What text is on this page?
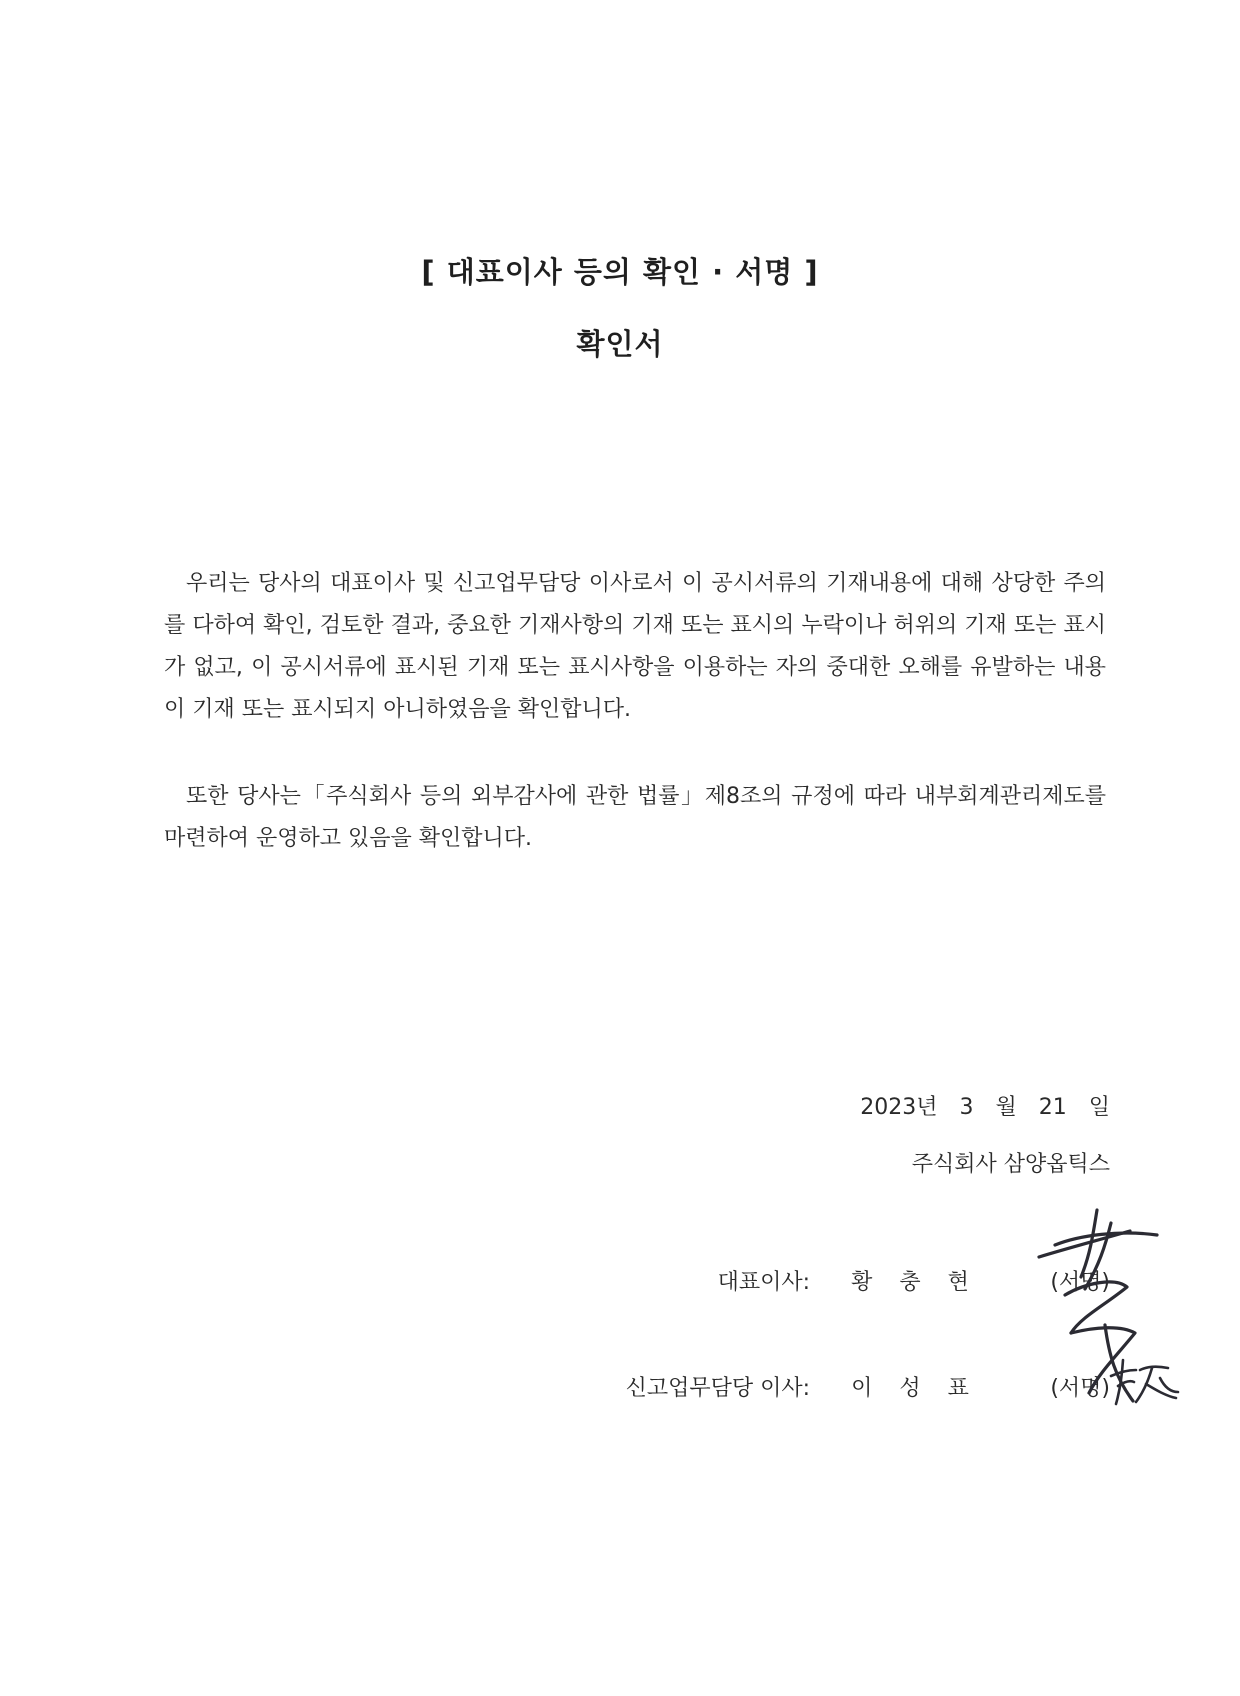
[ 대표이사 등의 확인 · 서명 ]
확인서

우리는 당사의 대표이사 및 신고업무담당 이사로서 이 공시서류의 기재내용에 대해 상당한 주의를 다하여 확인, 검토한 결과, 중요한 기재사항의 기재 또는 표시의 누락이나 허위의 기재 또는 표시가 없고, 이 공시서류에 표시된 기재 또는 표시사항을 이용하는 자의 중대한 오해를 유발하는 내용이 기재 또는 표시되지 아니하였음을 확인합니다.

또한 당사는「주식회사 등의 외부감사에 관한 법률」제8조의 규정에 따라 내부회계관리제도를 마련하여 운영하고 있음을 확인합니다.

2023년　3　월　21　일
주식회사 삼양옵틱스
대표이사:	황 충 현	(서명)
신고업무담당 이사:	이 성 표	(서명)
